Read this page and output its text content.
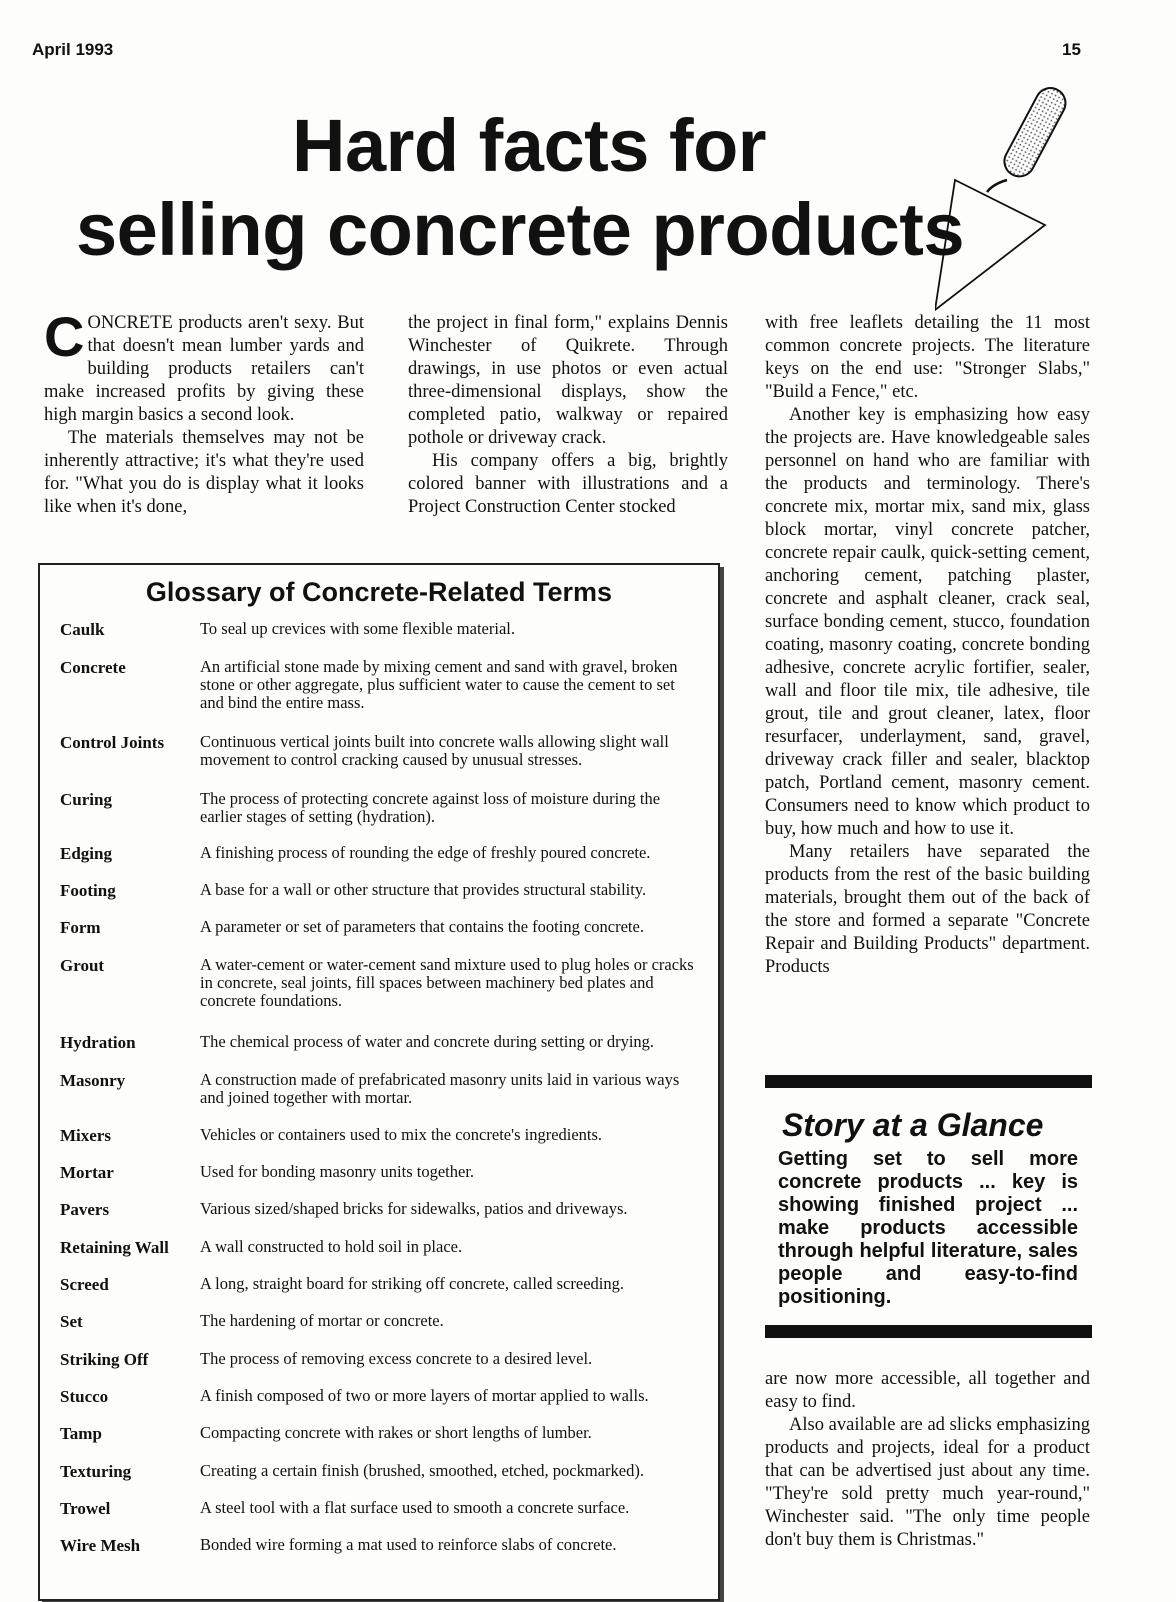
April 1993	15
Hard facts for
selling concrete products

CONCRETE products aren't sexy. But that doesn't mean lumber yards and building products retailers can't make increased profits by giving these high margin basics a second look.

The materials themselves may not be inherently attractive; it's what they're used for. "What you do is display what it looks like when it's done,

the project in final form," explains Dennis Winchester of Quikrete. Through drawings, in use photos or even actual three-dimensional displays, show the completed patio, walkway or repaired pothole or driveway crack.

His company offers a big, brightly colored banner with illustrations and a Project Construction Center stocked

with free leaflets detailing the 11 most common concrete projects. The literature keys on the end use: "Stronger Slabs," "Build a Fence," etc.

Another key is emphasizing how easy the projects are. Have knowledgeable sales personnel on hand who are familiar with the products and terminology. There's concrete mix, mortar mix, sand mix, glass block mortar, vinyl concrete patcher, concrete repair caulk, quick-setting cement, anchoring cement, patching plaster, concrete and asphalt cleaner, crack seal, surface bonding cement, stucco, foundation coating, masonry coating, concrete bonding adhesive, concrete acrylic fortifier, sealer, wall and floor tile mix, tile adhesive, tile grout, tile and grout cleaner, latex, floor resurfacer, underlayment, sand, gravel, driveway crack filler and sealer, blacktop patch, Portland cement, masonry cement. Consumers need to know which product to buy, how much and how to use it.

Many retailers have separated the products from the rest of the basic building materials, brought them out of the back of the store and formed a separate "Concrete Repair and Building Products" department. Products

Glossary of Concrete-Related Terms
Caulk	To seal up crevices with some flexible material.
Concrete	An artificial stone made by mixing cement and sand with gravel, broken stone or other aggregate, plus sufficient water to cause the cement to set and bind the entire mass.
Control Joints	Continuous vertical joints built into concrete walls allowing slight wall movement to control cracking caused by unusual stresses.
Curing	The process of protecting concrete against loss of moisture during the earlier stages of setting (hydration).
Edging	A finishing process of rounding the edge of freshly poured concrete.
Footing	A base for a wall or other structure that provides structural stability.
Form	A parameter or set of parameters that contains the footing concrete.
Grout	A water-cement or water-cement sand mixture used to plug holes or cracks in concrete, seal joints, fill spaces between machinery bed plates and concrete foundations.
Hydration	The chemical process of water and concrete during setting or drying.
Masonry	A construction made of prefabricated masonry units laid in various ways and joined together with mortar.
Mixers	Vehicles or containers used to mix the concrete's ingredients.
Mortar	Used for bonding masonry units together.
Pavers	Various sized/shaped bricks for sidewalks, patios and driveways.
Retaining Wall	A wall constructed to hold soil in place.
Screed	A long, straight board for striking off concrete, called screeding.
Set	The hardening of mortar or concrete.
Striking Off	The process of removing excess concrete to a desired level.
Stucco	A finish composed of two or more layers of mortar applied to walls.
Tamp	Compacting concrete with rakes or short lengths of lumber.
Texturing	Creating a certain finish (brushed, smoothed, etched, pockmarked).
Trowel	A steel tool with a flat surface used to smooth a concrete surface.
Wire Mesh	Bonded wire forming a mat used to reinforce slabs of concrete.
Story at a Glance

Getting set to sell more concrete products ... key is showing finished project ... make products accessible through helpful literature, sales people and easy-to-find positioning.

are now more accessible, all together and easy to find.

Also available are ad slicks emphasizing products and projects, ideal for a product that can be advertised just about any time. "They're sold pretty much year-round," Winchester said. "The only time people don't buy them is Christmas."
